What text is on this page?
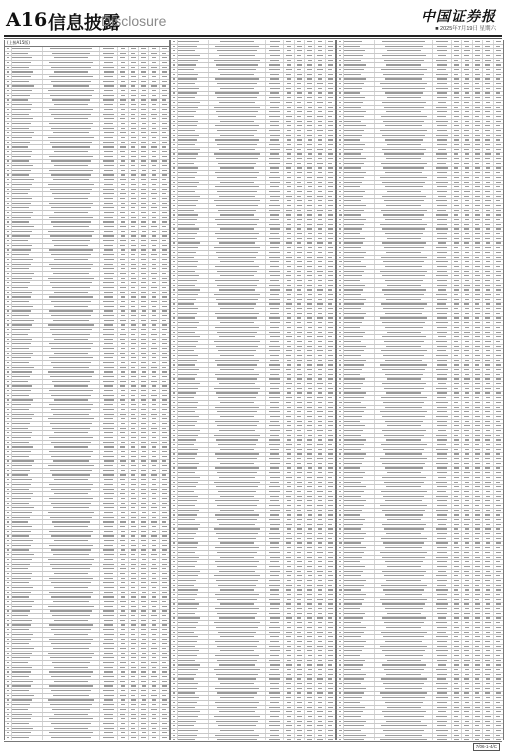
A16 信息披露
Disclosure	中国证券报
■ 2025年7月19日 星期六
(上接A15版)
7/06-1-4/C
